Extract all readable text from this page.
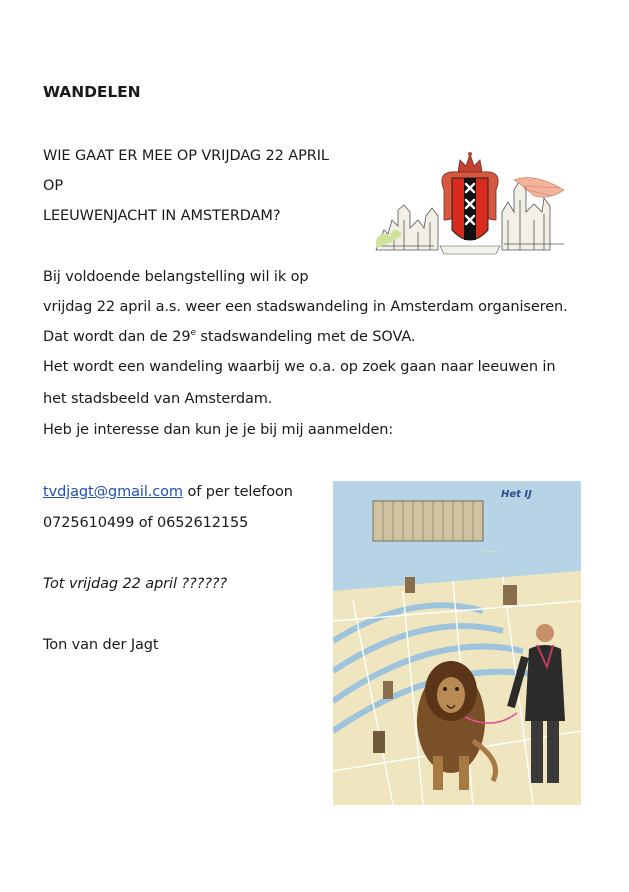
WANDELEN
WIE GAAT ER MEE OP VRIJDAG 22 APRIL
OP
LEEUWENJACHT IN AMSTERDAM?
Bij voldoende belangstelling wil ik op
vrijdag 22 april a.s. weer een stadswandeling in Amsterdam organiseren.
Dat wordt dan de 29e stadswandeling met de SOVA.
Het wordt een wandeling waarbij we o.a. op zoek gaan naar leeuwen in
het stadsbeeld van Amsterdam.
Heb je interesse dan kun je je bij mij aanmelden:
tvdjagt@gmail.com of per telefoon
0725610499 of 0652612155
Tot vrijdag 22 april ??????
Ton van der Jagt
Het IJ
